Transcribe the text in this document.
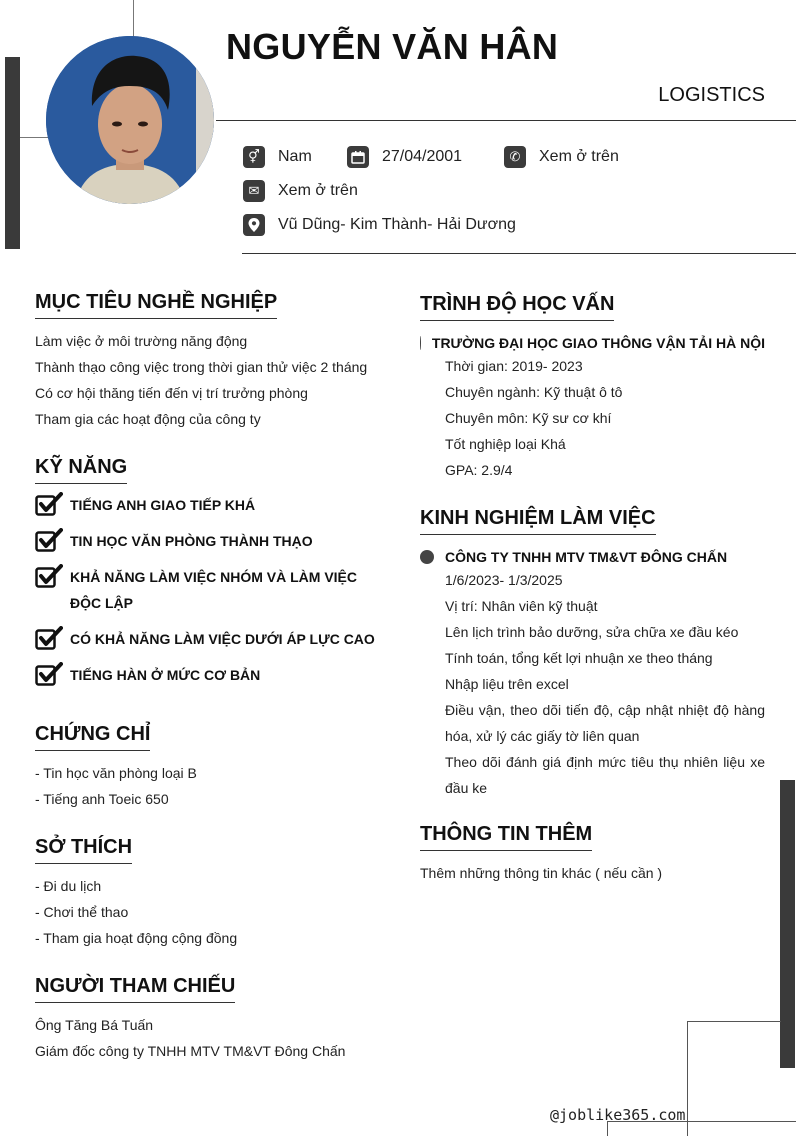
NGUYỄN VĂN HÂN
LOGISTICS
⚥	Nam	27/04/2001	✆	Xem ở trên
✉	Xem ở trên
Vũ Dũng- Kim Thành- Hải Dương
MỤC TIÊU NGHỀ NGHIỆP
Làm việc ở môi trường năng động
Thành thạo công việc trong thời gian thử việc 2 tháng
Có cơ hội thăng tiến đến vị trí trưởng phòng
Tham gia các hoạt động của công ty
KỸ NĂNG
TIẾNG ANH GIAO TIẾP KHÁ
TIN HỌC VĂN PHÒNG THÀNH THẠO
KHẢ NĂNG LÀM VIỆC NHÓM VÀ LÀM VIỆC ĐỘC LẬP
CÓ KHẢ NĂNG LÀM VIỆC DƯỚI ÁP LỰC CAO
TIẾNG HÀN Ở MỨC CƠ BẢN
CHỨNG CHỈ
- Tin học văn phòng loại B
- Tiếng anh Toeic 650
SỞ THÍCH
- Đi du lịch
- Chơi thể thao
- Tham gia hoạt động cộng đồng
NGƯỜI THAM CHIẾU
Ông Tăng Bá Tuấn
Giám đốc công ty TNHH MTV TM&VT Đông Chấn
TRÌNH ĐỘ HỌC VẤN
TRƯỜNG ĐẠI HỌC GIAO THÔNG VẬN TẢI HÀ NỘI
Thời gian: 2019- 2023
Chuyên ngành: Kỹ thuật ô tô
Chuyên môn: Kỹ sư cơ khí
Tốt nghiệp loại Khá
GPA: 2.9/4
KINH NGHIỆM LÀM VIỆC
CÔNG TY TNHH MTV TM&VT ĐÔNG CHẤN
1/6/2023- 1/3/2025
Vị trí: Nhân viên kỹ thuật
Lên lịch trình bảo dưỡng, sửa chữa xe đầu kéo
Tính toán, tổng kết lợi nhuận xe theo tháng
Nhập liệu trên excel
Điều vận, theo dõi tiến độ, cập nhật nhiệt độ hàng hóa, xử lý các giấy tờ liên quan
Theo dõi đánh giá định mức tiêu thụ nhiên liệu xe đầu ke
THÔNG TIN THÊM
Thêm những thông tin khác ( nếu cần )
@joblike365.com
